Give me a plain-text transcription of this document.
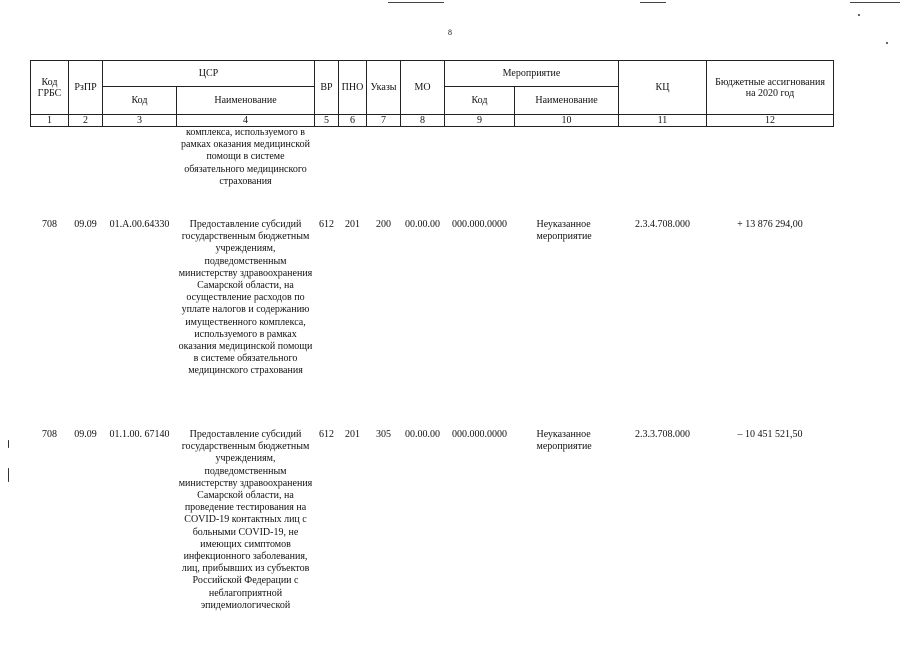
8
Код ГРБС	РзПР	ЦСР		ВР	ПНО	Указы	МО	Мероприятие		КЦ	Бюджетные ассигнования на 2020 год
		Код	Наименование					Код	Наименование		
1	2	3	4	5	6	7	8	9	10	11	12
			комплекса, используемого в рамках оказания медицинской помощи в системе обязательного медицинского страхования								
708	09.09	01.А.00.64330	Предоставление субсидий государственным бюджетным учреждениям, подведомственным министерству здравоохранения Самарской области, на осуществление расходов по уплате налогов и содержанию имущественного комплекса, используемого в рамках оказания медицинской помощи в системе обязательного медицинского страхования	612	201	200	00.00.00	000.000.0000	Неуказанное мероприятие	2.3.4.708.000	+ 13 876 294,00
708	09.09	01.1.00. 67140	Предоставление субсидий государственным бюджетным учреждениям, подведомственным министерству здравоохранения Самарской области, на проведение тестирования на COVID-19 контактных лиц с больными COVID-19, не имеющих симптомов инфекционного заболевания, лиц, прибывших из субъектов Российской Федерации с неблагоприятной эпидемиологической	612	201	305	00.00.00	000.000.0000	Неуказанное мероприятие	2.3.3.708.000	– 10 451 521,50
